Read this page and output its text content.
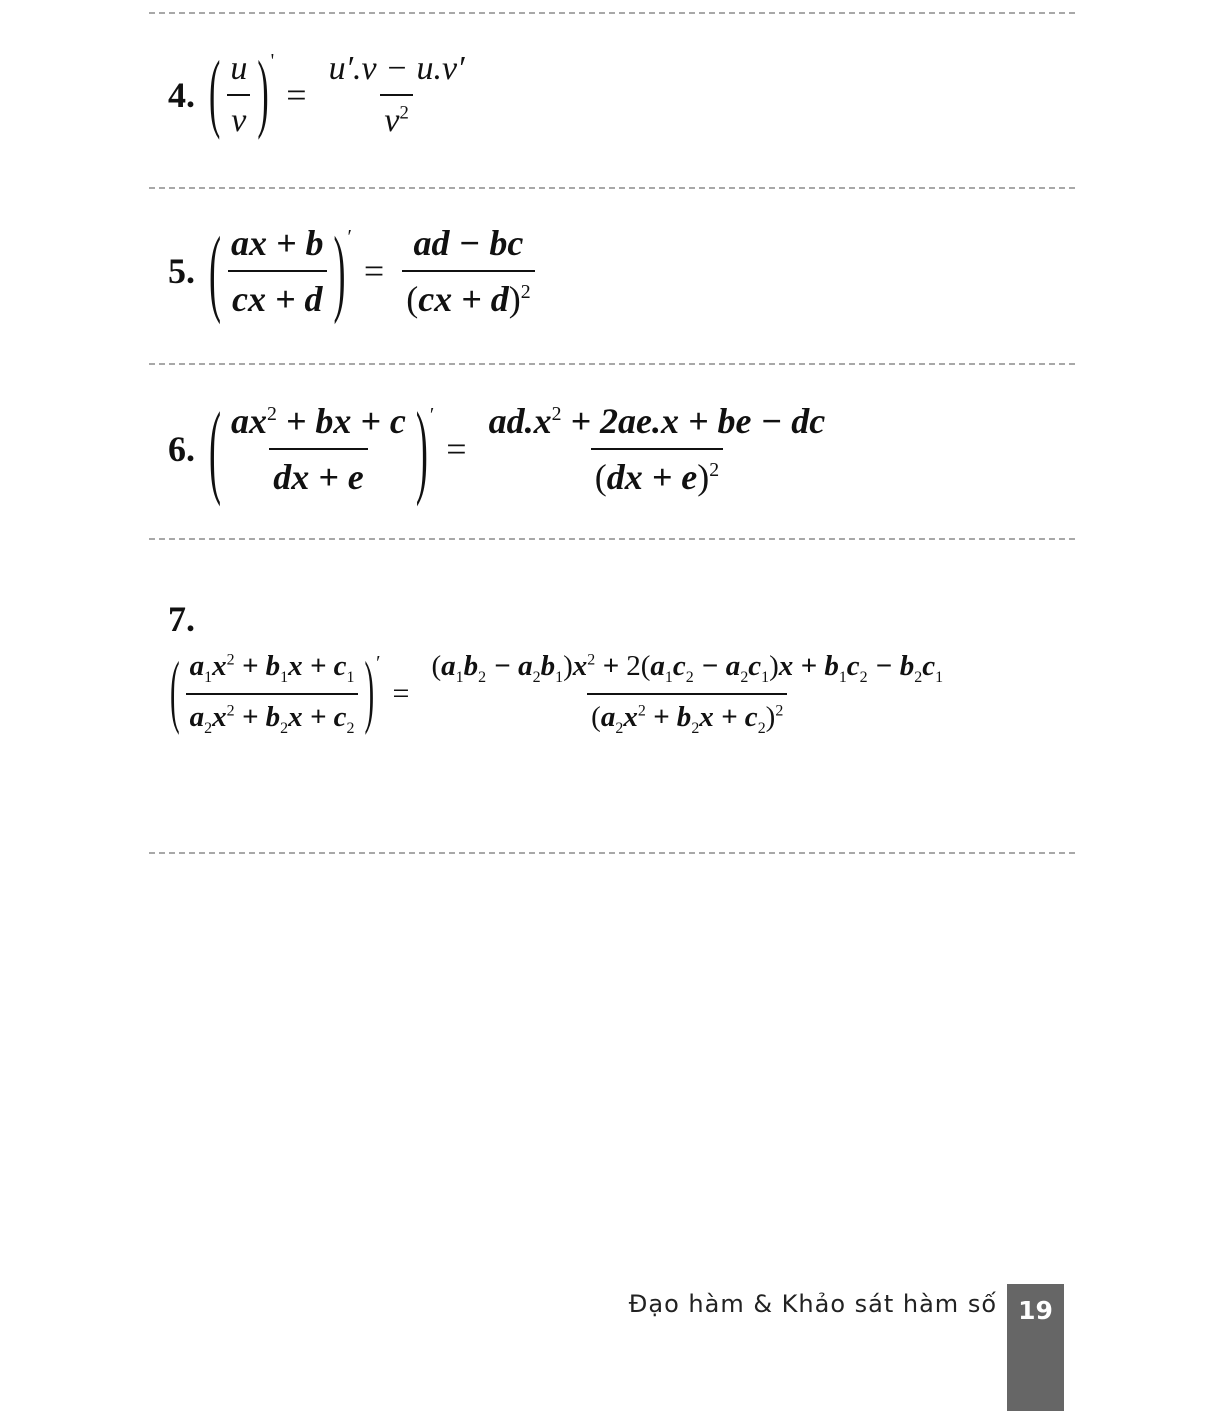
4. ( $\frac{u}{v}$ ) '
= $\frac{u'.v - u.v'}{v^2}$
5. ( $\frac{ax + b}{cx + d}$ ) ′
= $\frac{ad - bc}{(cx + d)^2}$
6. ( $\frac{ax^2 + bx + c}{dx + e}$ ) ′
= $\frac{ad.x^2 + 2ae.x + be - dc}{(dx + e)^2}$
7.
( $\frac{a_1x^2 + b_1x + c_1}{a_2x^2 + b_2x + c_2}$ ) ′
= $\frac{(a_1b_2 - a_2b_1)x^2 + 2(a_1c_2 - a_2c_1)x + b_1c_2 - b_2c_1}{(a_2x^2 + b_2x + c_2)^2}$
Đạo hàm & Khảo sát hàm số 19
